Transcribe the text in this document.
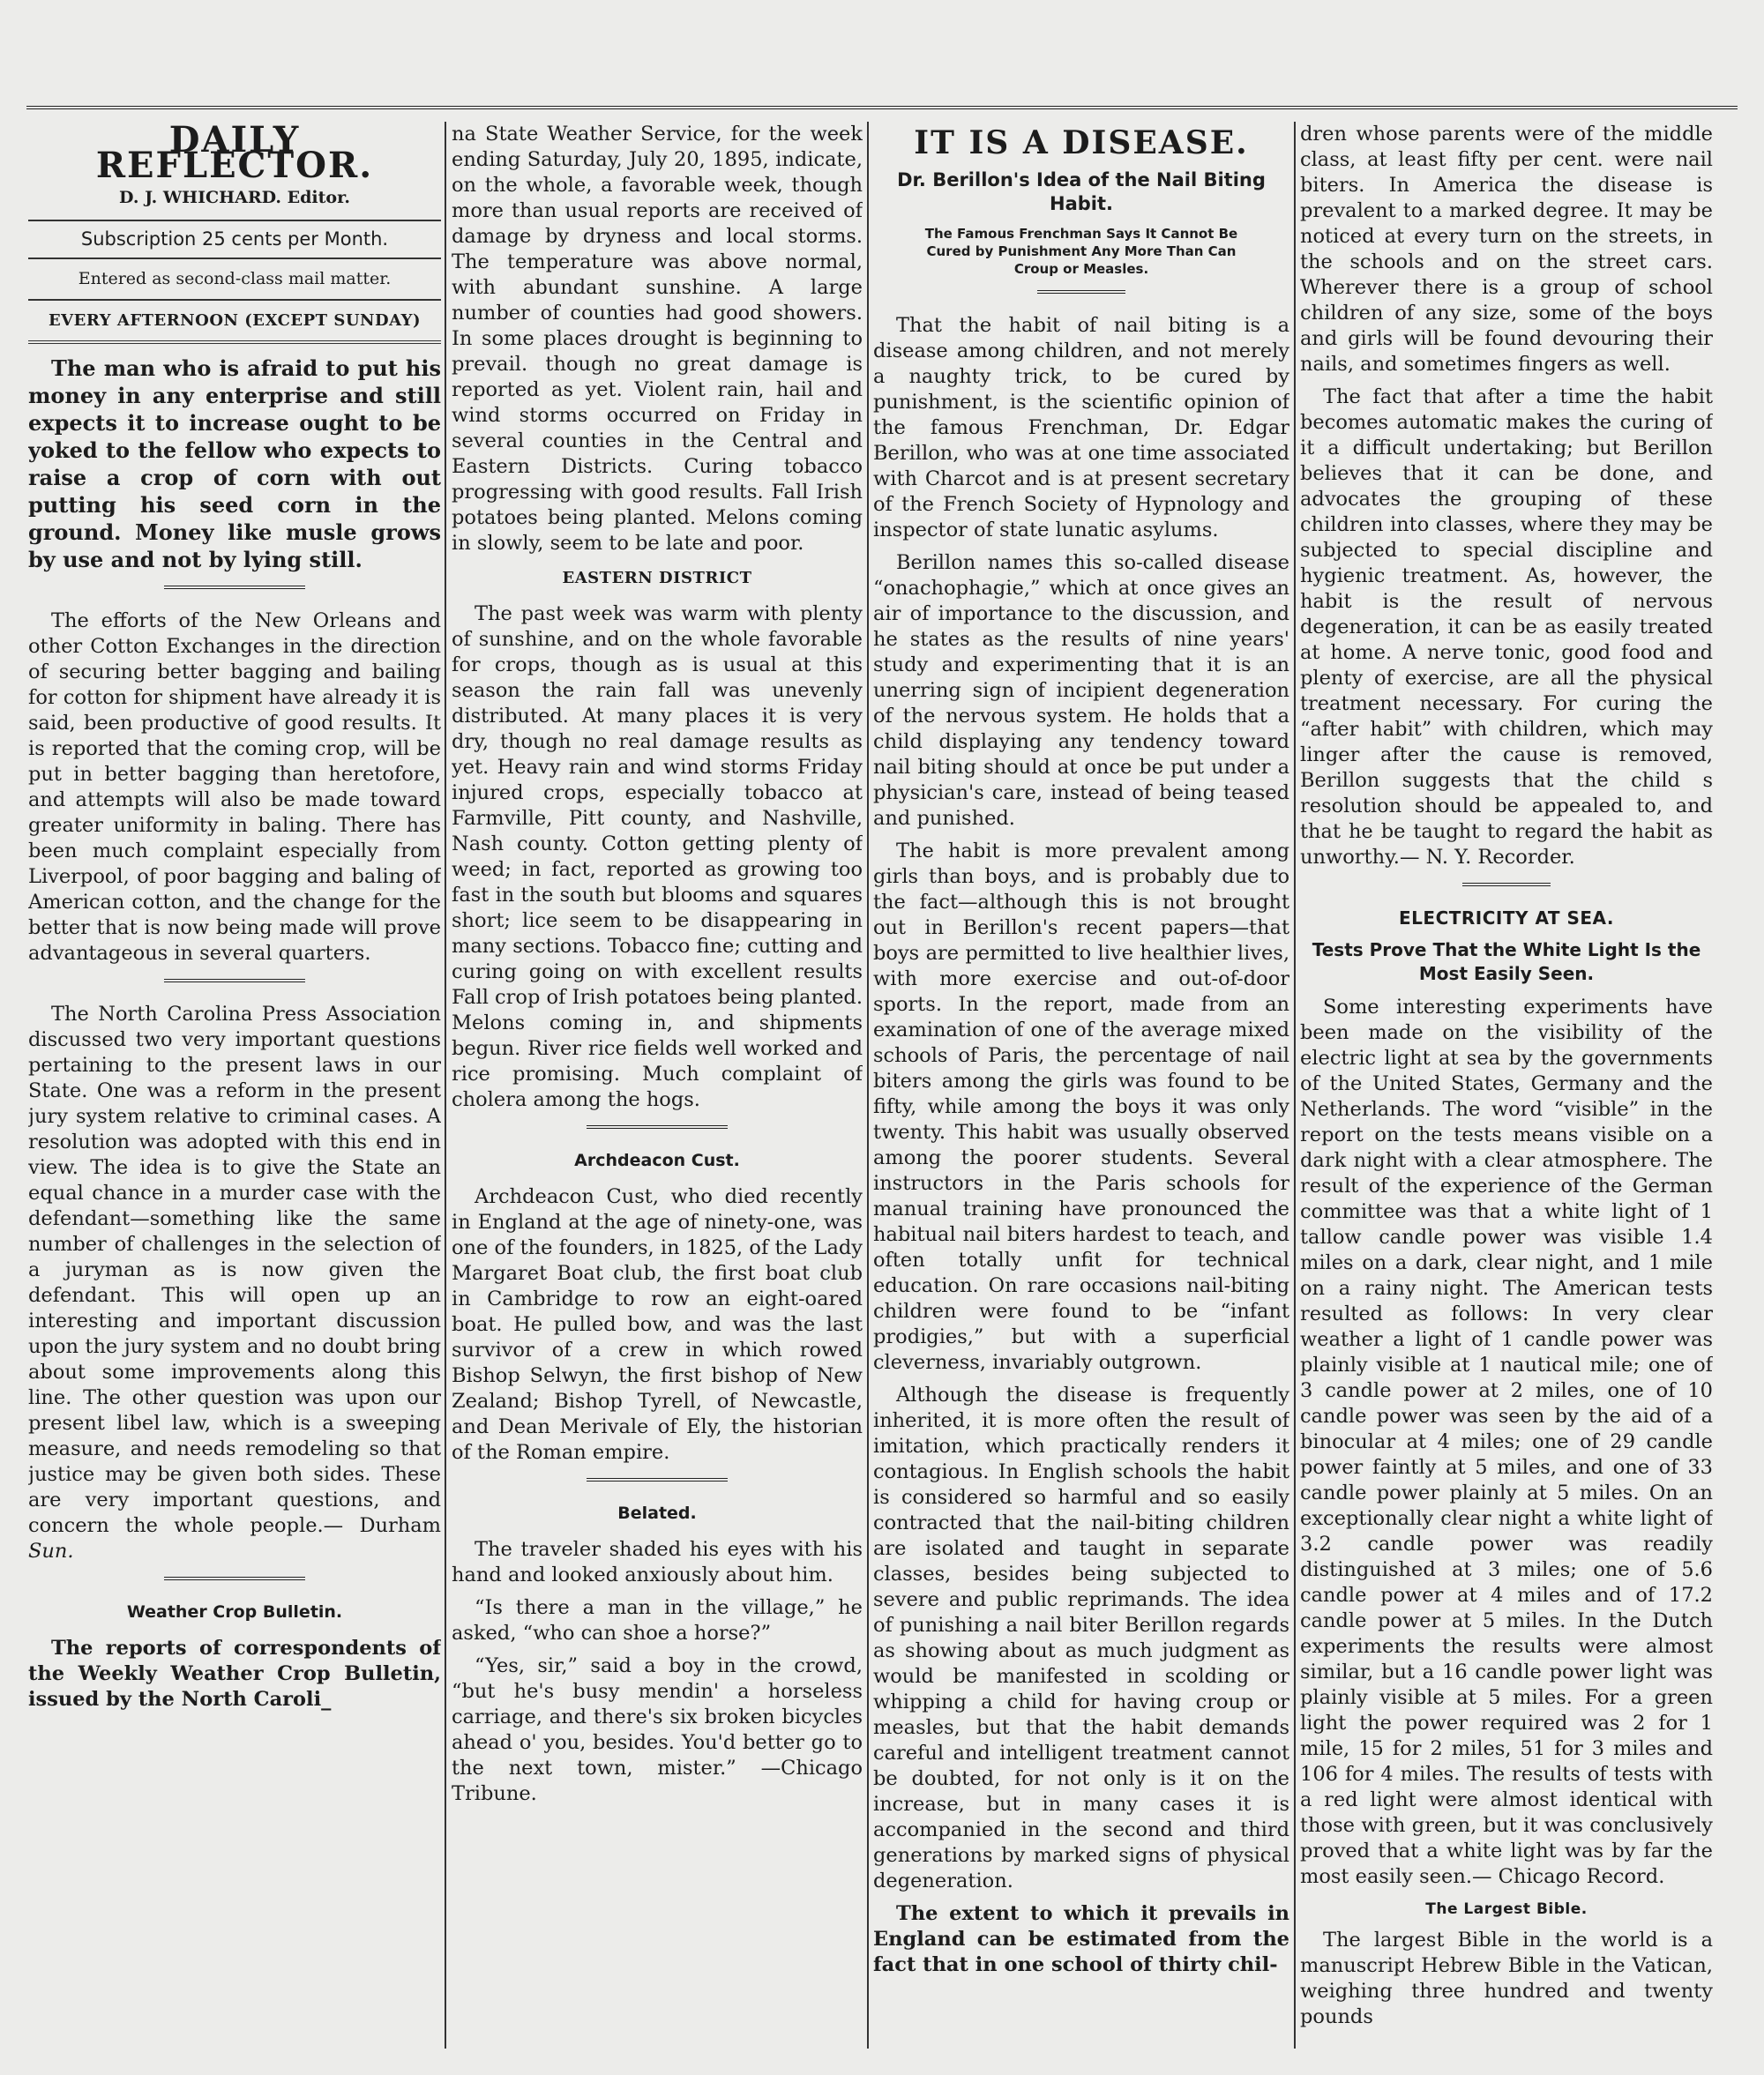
DAILY REFLECTOR.
D. J. WHICHARD. Editor.
Subscription 25 cents per Month.
Entered as second-class mail matter.
EVERY AFTERNOON (EXCEPT SUNDAY)

The man who is afraid to put his money in any enterprise and still expects it to increase ought to be yoked to the fellow who expects to raise a crop of corn with out putting his seed corn in the ground. Money like musle grows by use and not by lying still.

The efforts of the New Orleans and other Cotton Exchanges in the direction of securing better bagging and bailing for cotton for shipment have already it is said, been productive of good results. It is reported that the coming crop, will be put in better bagging than heretofore, and attempts will also be made toward greater uniformity in baling. There has been much complaint especially from Liverpool, of poor bagging and baling of American cotton, and the change for the better that is now being made will prove advantageous in several quarters.

The North Carolina Press Association discussed two very important questions pertaining to the present laws in our State. One was a reform in the present jury system relative to criminal cases. A resolution was adopted with this end in view. The idea is to give the State an equal chance in a murder case with the defendant—something like the same number of challenges in the selection of a juryman as is now given the defendant. This will open up an interesting and important discussion upon the jury system and no doubt bring about some improvements along this line. The other question was upon our present libel law, which is a sweeping measure, and needs remodeling so that justice may be given both sides. These are very important questions, and concern the whole people.— Durham Sun.

Weather Crop Bulletin.

The reports of correspondents of the Weekly Weather Crop Bulletin, issued by the North Caroli_

na State Weather Service, for the week ending Saturday, July 20, 1895, indicate, on the whole, a favorable week, though more than usual reports are received of damage by dryness and local storms. The temperature was above normal, with abundant sunshine. A large number of counties had good showers. In some places drought is beginning to prevail. though no great damage is reported as yet. Violent rain, hail and wind storms occurred on Friday in several counties in the Central and Eastern Districts. Curing tobacco progressing with good results. Fall Irish potatoes being planted. Melons coming in slowly, seem to be late and poor.

EASTERN DISTRICT

The past week was warm with plenty of sunshine, and on the whole favorable for crops, though as is usual at this season the rain fall was unevenly distributed. At many places it is very dry, though no real damage results as yet. Heavy rain and wind storms Friday injured crops, especially tobacco at Farmville, Pitt county, and Nashville, Nash county. Cotton getting plenty of weed; in fact, reported as growing too fast in the south but blooms and squares short; lice seem to be disappearing in many sections. Tobacco fine; cutting and curing going on with excellent results Fall crop of Irish potatoes being planted. Melons coming in, and shipments begun. River rice fields well worked and rice promising. Much complaint of cholera among the hogs.

Archdeacon Cust.

Archdeacon Cust, who died recently in England at the age of ninety-one, was one of the founders, in 1825, of the Lady Margaret Boat club, the first boat club in Cambridge to row an eight-oared boat. He pulled bow, and was the last survivor of a crew in which rowed Bishop Selwyn, the first bishop of New Zealand; Bishop Tyrell, of Newcastle, and Dean Merivale of Ely, the historian of the Roman empire.

Belated.

The traveler shaded his eyes with his hand and looked anxiously about him.

“Is there a man in the village,” he asked, “who can shoe a horse?”

“Yes, sir,” said a boy in the crowd, “but he's busy mendin' a horseless carriage, and there's six broken bicycles ahead o' you, besides. You'd better go to the next town, mister.” —Chicago Tribune.

IT IS A DISEASE.
Dr. Berillon's Idea of the Nail Biting Habit.
The Famous Frenchman Says It Cannot Be Cured by Punishment Any More Than Can Croup or Measles.

That the habit of nail biting is a disease among children, and not merely a naughty trick, to be cured by punishment, is the scientific opinion of the famous Frenchman, Dr. Edgar Berillon, who was at one time associated with Charcot and is at present secretary of the French Society of Hypnology and inspector of state lunatic asylums.

Berillon names this so-called disease “onachophagie,” which at once gives an air of importance to the discussion, and he states as the results of nine years' study and experimenting that it is an unerring sign of incipient degeneration of the nervous system. He holds that a child displaying any tendency toward nail biting should at once be put under a physician's care, instead of being teased and punished.

The habit is more prevalent among girls than boys, and is probably due to the fact—although this is not brought out in Berillon's recent papers—that boys are permitted to live healthier lives, with more exercise and out-of-door sports. In the report, made from an examination of one of the average mixed schools of Paris, the percentage of nail biters among the girls was found to be fifty, while among the boys it was only twenty. This habit was usually observed among the poorer students. Several instructors in the Paris schools for manual training have pronounced the habitual nail biters hardest to teach, and often totally unfit for technical education. On rare occasions nail-biting children were found to be “infant prodigies,” but with a superficial cleverness, invariably outgrown.

Although the disease is frequently inherited, it is more often the result of imitation, which practically renders it contagious. In English schools the habit is considered so harmful and so easily contracted that the nail-biting children are isolated and taught in separate classes, besides being subjected to severe and public reprimands. The idea of punishing a nail biter Berillon regards as showing about as much judgment as would be manifested in scolding or whipping a child for having croup or measles, but that the habit demands careful and intelligent treatment cannot be doubted, for not only is it on the increase, but in many cases it is accompanied in the second and third generations by marked signs of physical degeneration.

The extent to which it prevails in England can be estimated from the fact that in one school of thirty chil-

dren whose parents were of the middle class, at least fifty per cent. were nail biters. In America the disease is prevalent to a marked degree. It may be noticed at every turn on the streets, in the schools and on the street cars. Wherever there is a group of school children of any size, some of the boys and girls will be found devouring their nails, and sometimes fingers as well.

The fact that after a time the habit becomes automatic makes the curing of it a difficult undertaking; but Berillon believes that it can be done, and advocates the grouping of these children into classes, where they may be subjected to special discipline and hygienic treatment. As, however, the habit is the result of nervous degeneration, it can be as easily treated at home. A nerve tonic, good food and plenty of exercise, are all the physical treatment necessary. For curing the “after habit” with children, which may linger after the cause is removed, Berillon suggests that the child s resolution should be appealed to, and that he be taught to regard the habit as unworthy.— N. Y. Recorder.

ELECTRICITY AT SEA.
Tests Prove That the White Light Is the Most Easily Seen.

Some interesting experiments have been made on the visibility of the electric light at sea by the governments of the United States, Germany and the Netherlands. The word “visible” in the report on the tests means visible on a dark night with a clear atmosphere. The result of the experience of the German committee was that a white light of 1 tallow candle power was visible 1.4 miles on a dark, clear night, and 1 mile on a rainy night. The American tests resulted as follows: In very clear weather a light of 1 candle power was plainly visible at 1 nautical mile; one of 3 candle power at 2 miles, one of 10 candle power was seen by the aid of a binocular at 4 miles; one of 29 candle power faintly at 5 miles, and one of 33 candle power plainly at 5 miles. On an exceptionally clear night a white light of 3.2 candle power was readily distinguished at 3 miles; one of 5.6 candle power at 4 miles and of 17.2 candle power at 5 miles. In the Dutch experiments the results were almost similar, but a 16 candle power light was plainly visible at 5 miles. For a green light the power required was 2 for 1 mile, 15 for 2 miles, 51 for 3 miles and 106 for 4 miles. The results of tests with a red light were almost identical with those with green, but it was conclusively proved that a white light was by far the most easily seen.— Chicago Record.

The Largest Bible.

The largest Bible in the world is a manuscript Hebrew Bible in the Vatican, weighing three hundred and twenty pounds
